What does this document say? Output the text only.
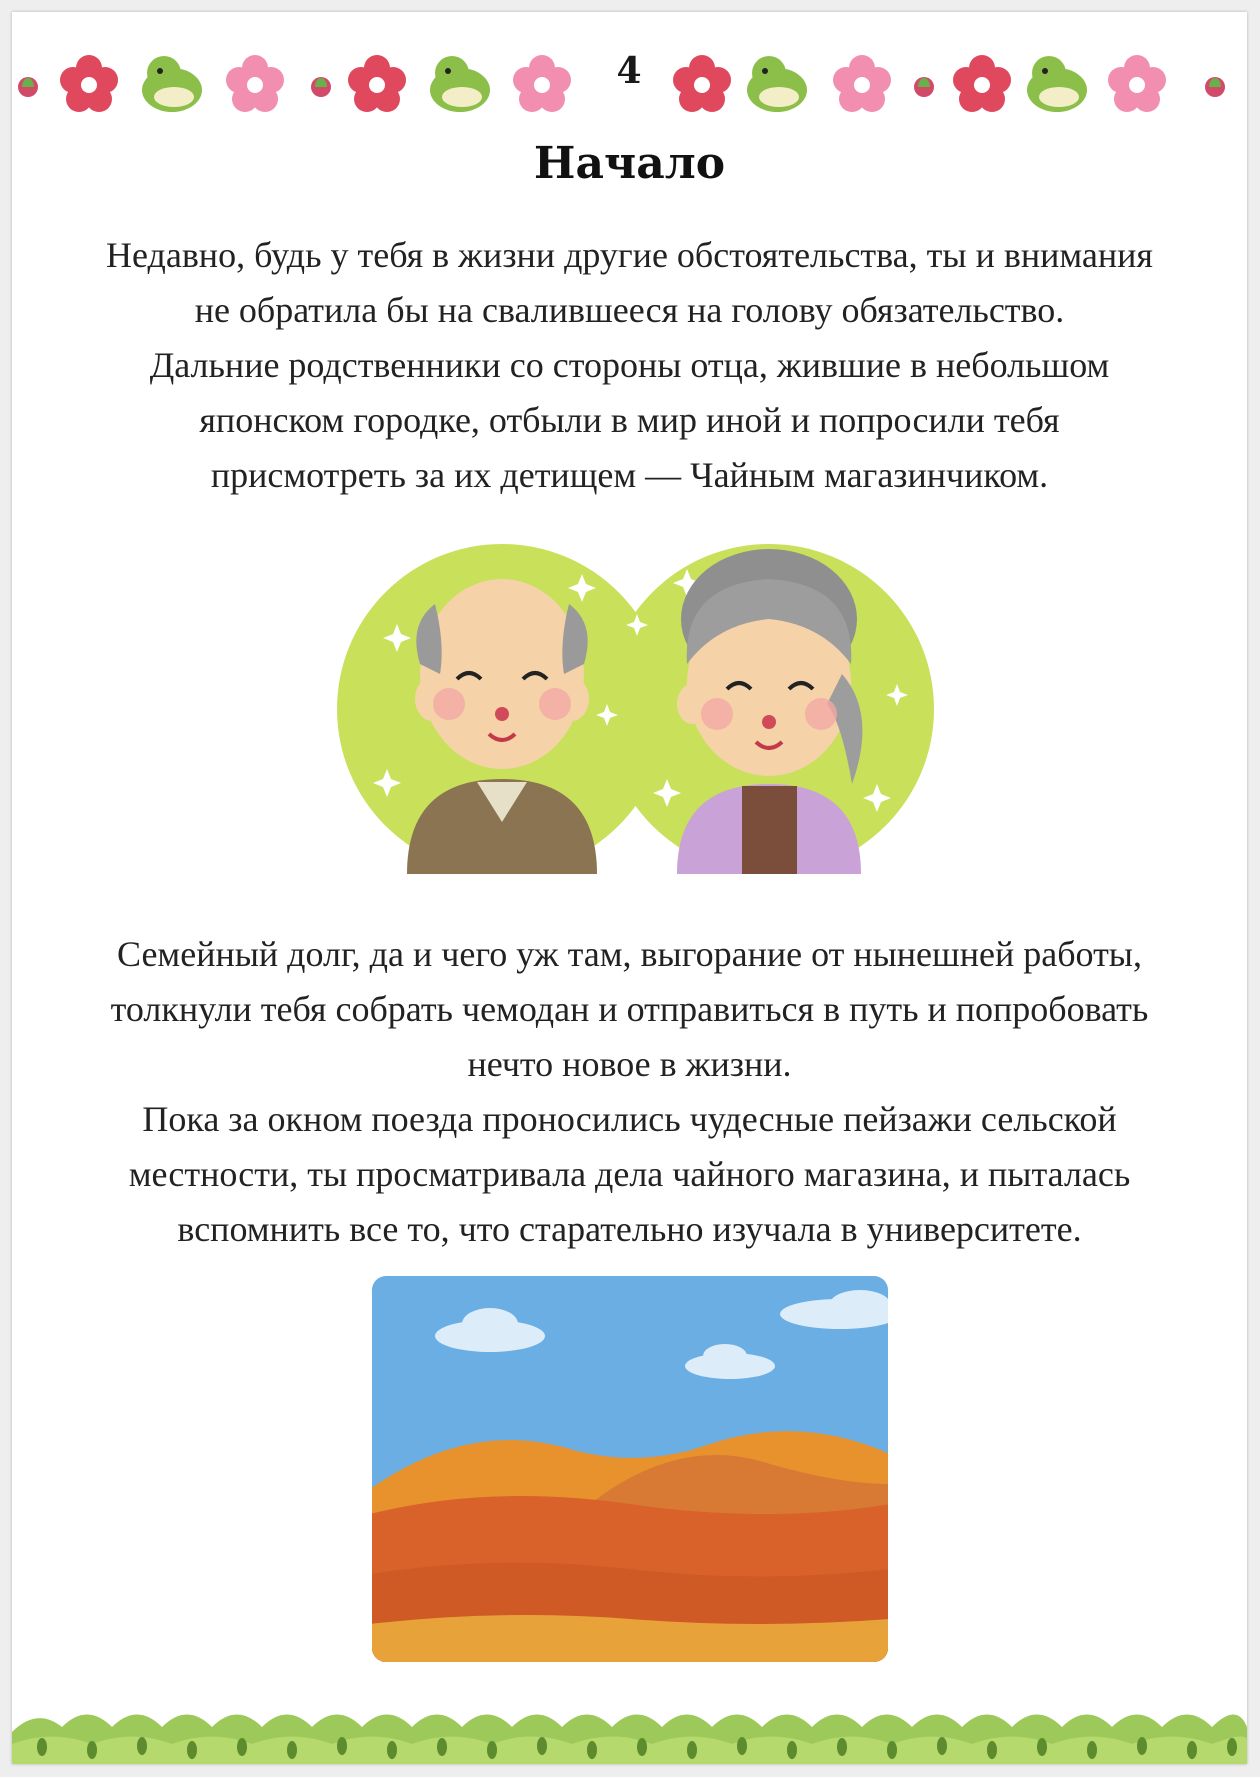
4
Начало

Недавно, будь у тебя в жизни другие обстоятельства, ты и внимания

не обратила бы на свалившееся на голову обязательство.

Дальние родственники со стороны отца, жившие в небольшом

японском городке, отбыли в мир иной и попросили тебя

присмотреть за их детищем — Чайным магазинчиком.

Семейный долг, да и чего уж там, выгорание от нынешней работы,

толкнули тебя собрать чемодан и отправиться в путь и попробовать

нечто новое в жизни.

Пока за окном поезда проносились чудесные пейзажи сельской

местности, ты просматривала дела чайного магазина, и пыталась

вспомнить все то, что старательно изучала в университете.
